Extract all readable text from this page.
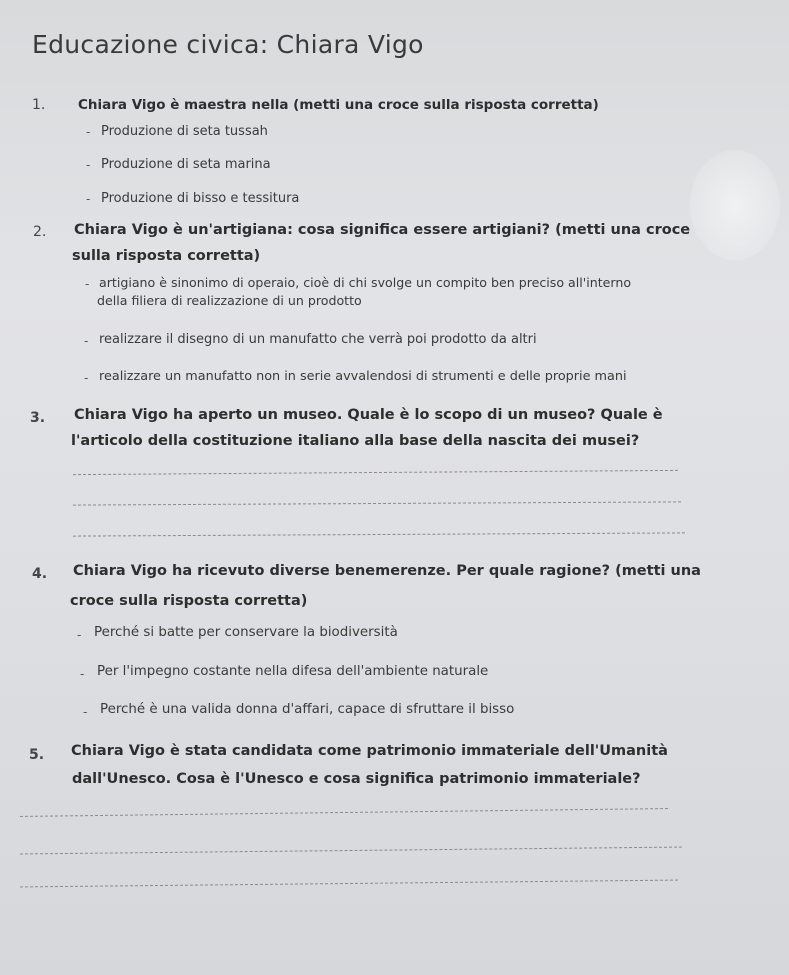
Educazione civica: Chiara Vigo
1. Chiara Vigo è maestra nella (metti una croce sulla risposta corretta)
- Produzione di seta tussah
- Produzione di seta marina
- Produzione di bisso e tessitura
2. Chiara Vigo è un'artigiana: cosa significa essere artigiani? (metti una croce
sulla risposta corretta)
- artigiano è sinonimo di operaio, cioè di chi svolge un compito ben preciso all'interno
della filiera di realizzazione di un prodotto
- realizzare il disegno di un manufatto che verrà poi prodotto da altri
- realizzare un manufatto non in serie avvalendosi di strumenti e delle proprie mani
3. Chiara Vigo ha aperto un museo. Quale è lo scopo di un museo? Quale è
l'articolo della costituzione italiano alla base della nascita dei musei?
4. Chiara Vigo ha ricevuto diverse benemerenze. Per quale ragione? (metti una
croce sulla risposta corretta)
- Perché si batte per conservare la biodiversità
- Per l'impegno costante nella difesa dell'ambiente naturale
- Perché è una valida donna d'affari, capace di sfruttare il bisso
5. Chiara Vigo è stata candidata come patrimonio immateriale dell'Umanità
dall'Unesco. Cosa è l'Unesco e cosa significa patrimonio immateriale?
